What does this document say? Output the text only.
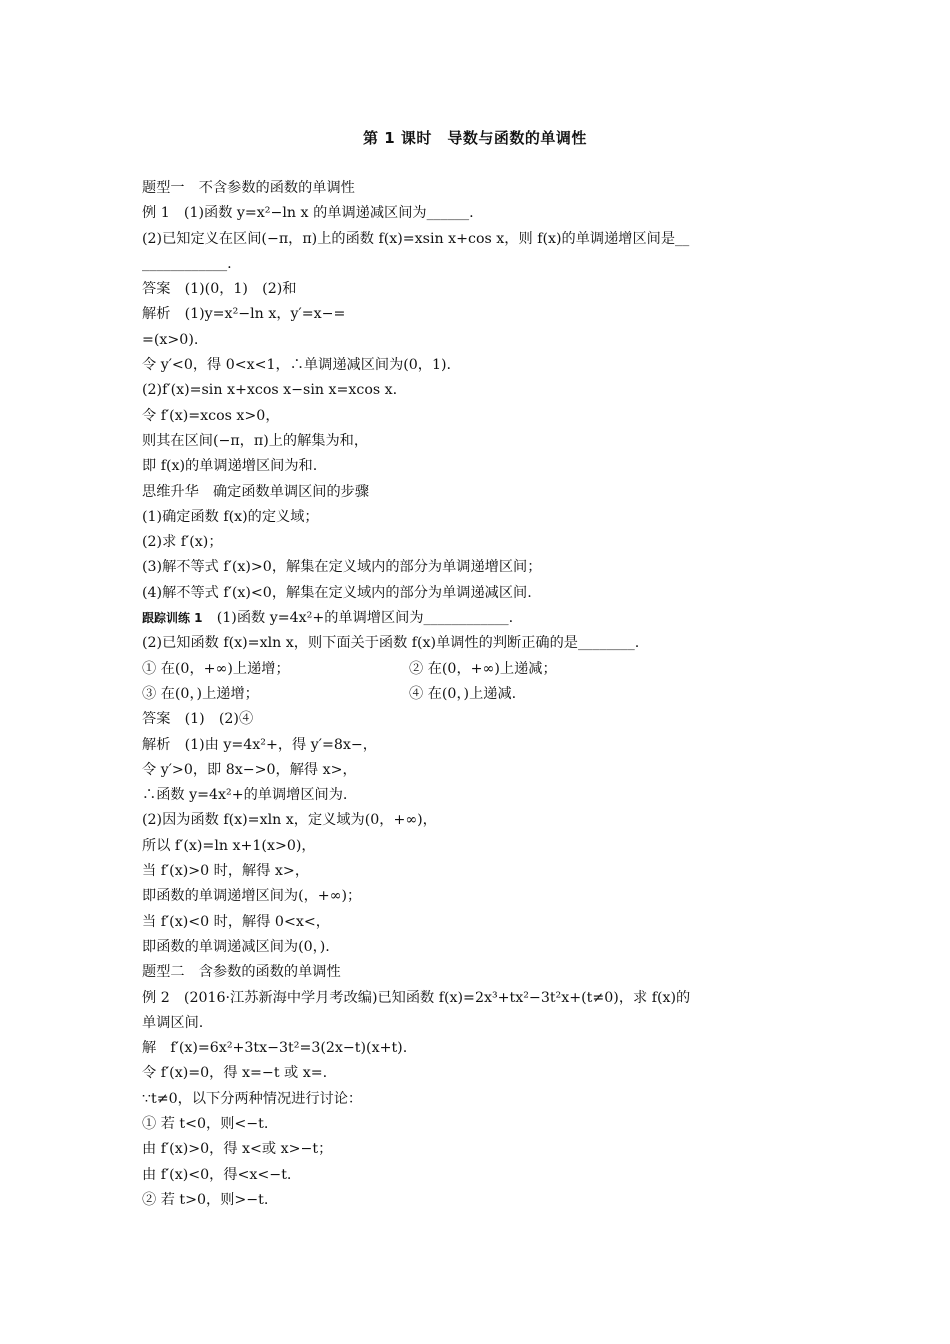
第 1 课时　导数与函数的单调性
题型一　不含参数的函数的单调性
例 1　(1)函数 y=x²−ln x 的单调递减区间为______.
(2)已知定义在区间(−π，π)上的函数 f(x)=xsin x+cos x，则 f(x)的单调递增区间是__
____________.
答案　(1)(0，1)　(2)和
解析　(1)y=x²−ln x，y′=x−=
=(x>0).
令 y′<0，得 0<x<1，∴单调递减区间为(0，1).
(2)f′(x)=sin x+xcos x−sin x=xcos x.
令 f′(x)=xcos x>0，
则其在区间(−π，π)上的解集为和，
即 f(x)的单调递增区间为和.
思维升华　确定函数单调区间的步骤
(1)确定函数 f(x)的定义域；
(2)求 f′(x)；
(3)解不等式 f′(x)>0，解集在定义域内的部分为单调递增区间；
(4)解不等式 f′(x)<0，解集在定义域内的部分为单调递减区间.
跟踪训练 1　(1)函数 y=4x²+的单调增区间为____________.
(2)已知函数 f(x)=xln x，则下面关于函数 f(x)单调性的判断正确的是________.
① 在(0，+∞)上递增；	② 在(0，+∞)上递减；
③ 在(0，)上递增；	④ 在(0，)上递减.
答案　(1)　(2)④
解析　(1)由 y=4x²+，得 y′=8x−，
令 y′>0，即 8x−>0，解得 x>，
∴函数 y=4x²+的单调增区间为.
(2)因为函数 f(x)=xln x，定义域为(0，+∞)，
所以 f′(x)=ln x+1(x>0)，
当 f′(x)>0 时，解得 x>，
即函数的单调递增区间为(，+∞)；
当 f′(x)<0 时，解得 0<x<，
即函数的单调递减区间为(0，).
题型二　含参数的函数的单调性
例 2　(2016·江苏新海中学月考改编)已知函数 f(x)=2x³+tx²−3t²x+(t≠0)，求 f(x)的
单调区间.
解　f′(x)=6x²+3tx−3t²=3(2x−t)(x+t).
令 f′(x)=0，得 x=−t 或 x=.
∵t≠0，以下分两种情况进行讨论：
① 若 t<0，则<−t.
由 f′(x)>0，得 x<或 x>−t；
由 f′(x)<0，得<x<−t.
② 若 t>0，则>−t.
